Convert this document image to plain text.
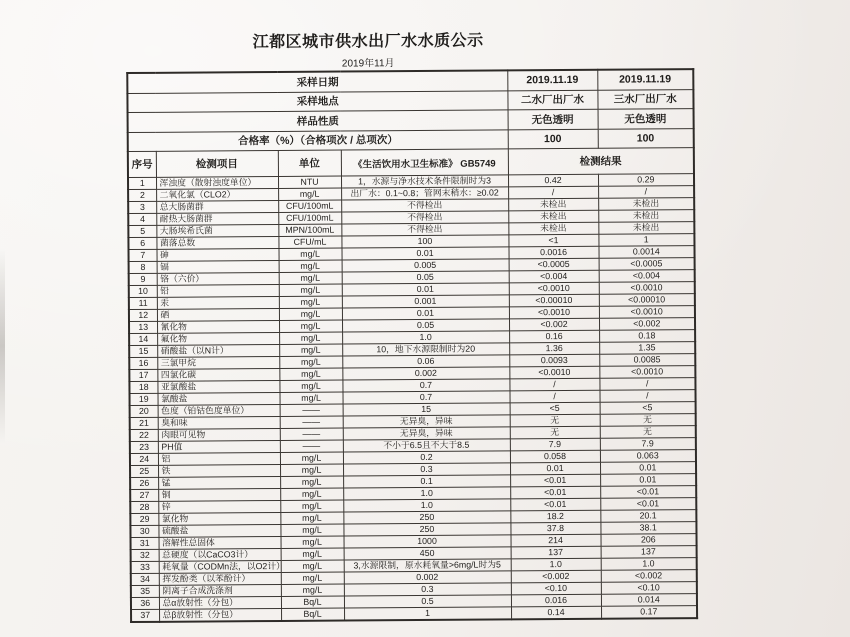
江都区城市供水出厂水水质公示
2019年11月
采样日期				2019.11.19	2019.11.19
采样地点				二水厂出厂水	三水厂出厂水
样品性质				无色透明	无色透明
合格率（%）（合格项次 / 总项次）				100	100
序号	检测项目	单位	《生活饮用水卫生标准》 GB5749	检测结果	
1	浑浊度（散射浊度单位）	NTU	1，水源与净水技术条件限制时为3	0.42	0.29
2	二氧化氯（CLO2）	mg/L	出厂水：0.1~0.8；管网末稍水：≥0.02	/	/
3	总大肠菌群	CFU/100mL	不得检出	未检出	未检出
4	耐热大肠菌群	CFU/100mL	不得检出	未检出	未检出
5	大肠埃希氏菌	MPN/100mL	不得检出	未检出	未检出
6	菌落总数	CFU/mL	100	<1	1
7	砷	mg/L	0.01	0.0016	0.0014
8	镉	mg/L	0.005	<0.0005	<0.0005
9	铬（六价）	mg/L	0.05	<0.004	<0.004
10	铅	mg/L	0.01	<0.0010	<0.0010
11	汞	mg/L	0.001	<0.00010	<0.00010
12	硒	mg/L	0.01	<0.0010	<0.0010
13	氰化物	mg/L	0.05	<0.002	<0.002
14	氟化物	mg/L	1.0	0.16	0.18
15	硝酸盐（以N计）	mg/L	10，地下水源限制时为20	1.36	1.35
16	三氯甲烷	mg/L	0.06	0.0093	0.0085
17	四氯化碳	mg/L	0.002	<0.0010	<0.0010
18	亚氯酸盐	mg/L	0.7	/	/
19	氯酸盐	mg/L	0.7	/	/
20	色度（铂钴色度单位）	——	15	<5	<5
21	臭和味	——	无异臭，异味	无	无
22	肉眼可见物	——	无异臭，异味	无	无
23	PH值	——	不小于6.5且不大于8.5	7.9	7.9
24	铝	mg/L	0.2	0.058	0.063
25	铁	mg/L	0.3	0.01	0.01
26	锰	mg/L	0.1	<0.01	0.01
27	铜	mg/L	1.0	<0.01	<0.01
28	锌	mg/L	1.0	<0.01	<0.01
29	氯化物	mg/L	250	18.2	20.1
30	硫酸盐	mg/L	250	37.8	38.1
31	溶解性总固体	mg/L	1000	214	206
32	总硬度（以CaCO3计）	mg/L	450	137	137
33	耗氧量（CODMn法，以O2计）	mg/L	3,水源限制，原水耗氧量>6mg/L时为5	1.0	1.0
34	挥发酚类（以苯酚计）	mg/L	0.002	<0.002	<0.002
35	阴离子合成洗涤剂	mg/L	0.3	<0.10	<0.10
36	总α放射性（分包）	Bq/L	0.5	0.016	0.014
37	总β放射性（分包）	Bq/L	1	0.14	0.17
